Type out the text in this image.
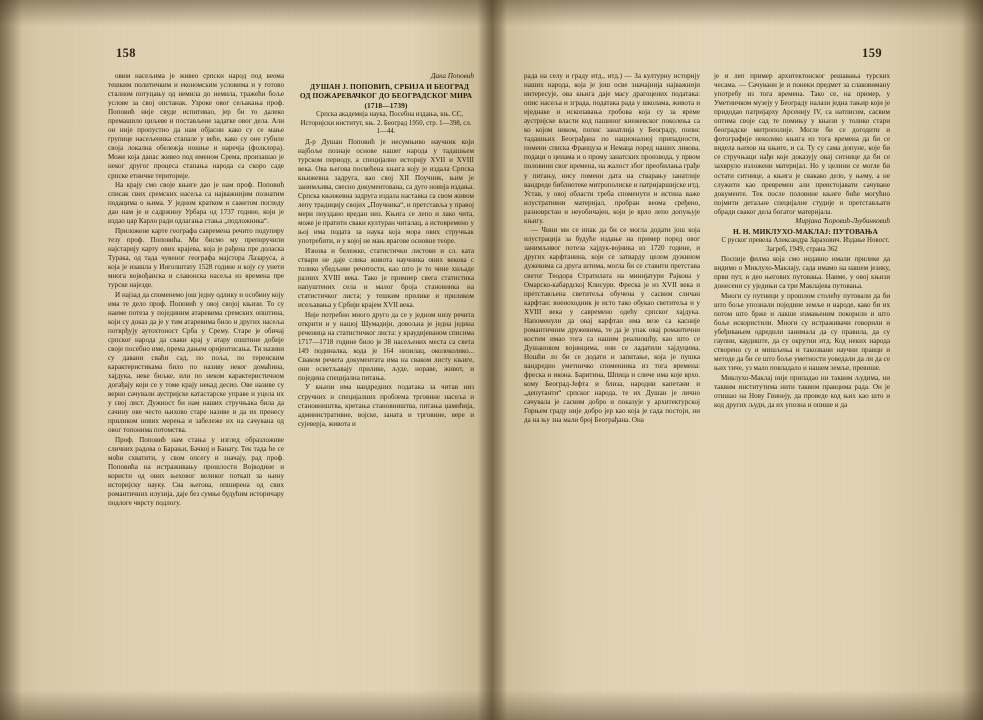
158

овим насељима је живео српски народ под веома тешким политичким и економским условима и у готово сталном потуцању од немила до немила, тражећи боље услове за свој опстанак. Узроке овог сељакања проф. Поповић није свуде испитивао, јер би то далеко премашило циљеве и постављене задатке овог дела. Али он није пропустио да нам објасни како су се мање групице насељеника стапале у веће, како су оне губиле своја локална обележја ношње и наречја (фолклора). Може која данас живео под именом Срема, произашао је неког другог процеса стапања народа са скоро саде српске етничке територије.

На крају смо своје књиге дао је нам проф. Поповић списак свих сремских насеља са најважнијим познатим подацима о њима. У једном кратком и сажетом погледу дао нам је и садржину Урбара од 1737 године, који је издао цар Карло ради одлагања стања „подложника“.

Приложене карте географа савремена речито подупиру тезу проф. Поповића. Ми бисмо му препоручили најстарију карту ових крајева, која је рађена пре доласка Турака, од тада чувеног географа мајстора Лазаруса, а која је изашла у Инголштату 1528 године и коју су унети многа војвођанска и славонска насеља из времена пре турске најезде.

И најзад да споменемо још једну одлику и особину коју има те дело проф. Поповић у овој својој књизи. То су наиме потеза у појединим атаревима сремских општина, који су доказ да је у тим атаревима било и других насеља потврђују аутохтоност Срба у Срему. Старе је обичај српског народа да сваки крај у атару општине добије своје посебно име, према дањем оријентисања. Ти називи су давани сваћи сад, по поља, по теренским карактеристикама било по називу неког домаћина, хајдука, неке биљке, или по неком карактеристичном догађају који се у томе крају некад десио. Ове називе су верно сачували аустријске катастарске управе и уцела их у свој лист. Дужност би нам наших стручњака била да сачину ове често њихово старе називе и да их пренесу приликом нових мерења и забележе их на сачувана од овог топонима потомства.

Проф. Поповић нам стања у изглед образложиве сличних радова о Барањи, Бачкој и Банату. Тек тада ће се моћи схватити, у свом опсегу и значају, рад проф. Поповића на истраживању прошлости Војводине и користи од ових њеховог великог поткаtt за њину историјску науку. Сва његова, опширена од свих романтичних илузија, даје без сумње будућим историчару подлоге чврсту подлогу.

Дака Поповић

ДУШАН Ј. ПОПОВИЋ, СРБИЈА И БЕОГРАД ОД ПОЖАРЕВАЧКОГ ДО БЕОГРАДСКОГ МИРА (1718—1739)

Српска академија наука, Посебна издања, књ. CC, Историјски институт, књ. 2. Београд 1950, стр. 1—398, сл. 1—44.

Д-р Душан Поповић је несумњиво научник који најбоље познаје основе нашег народа у тадашњем турском периоду, а специјално историју XVII и XVIII века. Ова његова посвећена књига коју је издала Српска књижевна задруга, као свој XII Поучник, њим је занимљива, свесно документована, са дуго новија издања. Српска књижевна задруга издала наставка са свом живом лепу традицију својих „Поучника“, и претставља у правој мери поуздано вредан низ. Књига се лепо и лако чита, може је пратити сваки културан читалац, а истовремено у њој има подата за наука која мора ових стручњак употребити, и у којој не мањ врагове основне теоре.

Изнова и бележке, статистички листови и сл. ката ствари не даје слика живота научника оних векова с толико убедљиве речитости, као што је то чине хиљаде разних XVIII века. Тако је примиер свега статистика напуштених села и малог броја становника на статистичког листа; у тешким прилике и приликом исељавања у Србији крајем XVII века.

Није потребно много друго да се у једном низу речита открити и у нашој Шумадији, довољна је једна једина реченица на статистичког листа: у краудијеваном списима 1717—1718 године било је 38 насељених места са света 149 подиналка, кода је 164 низилац, околеколико... Сваком речита документата има на сваком листу књиге, они осветљавају прилике, људе, нораве, живот, и поједина специјална питања.

У књизи има вандредних података за читав низ стручних и специјалних проблема трговине насеља и становништва, кретања становништва, питања џамићија, административне, војске, заната и трговине, вере и сујеверја, живота и

159

рада на селу и граду итд., итд.) — За културну историју наших народа, која је још осве значајнија најважнији интересује, ова књига даје масу драгоцених података: опис насеља и зграда, података рада у школама, живота и иједнаке и ископавања гробова која су за време аустријске власти код пашиног кнежевског поколења са ко којом ником, попис занатлија у Београду, попис тадашњих Београђана по националној припадности, помени списка Француза и Немаца поред наших ликова, подаци о ценама и о прому занатских производа, у првом половини свог времена, на жалост због преобилања грађе у питању, нису помени дата на стварању занатлије вандреде библиотеке митрополиске и патријаршијске итд. Устав, у овој области треба споменути и истина важе илустративни материјал, пробран веома сређено, разноврстан и неуобичајен, који је врло лепо допуњује књигу.

— Чини ми се ипак да би се могла додати још која илустрација за будуће издање на пример поред овог занимљивог потеза хајдук-војника из 1720 године, и других карфтанина, који се затварду целом дужином дужевима са друга штима, могла би се ставити претстава светог Теодора Стратилата на минијатури Рајкова у Омарско-кабардској Клисури. Фреска је из XVII века и претстављена светитеља обучена у сасвим сличан карфтан: военоходник је исто тако обукао светитеља и у XVIII века у савремено одећу српског хајдука. Напоменули да овај карфтан има везе са касније романтичним дружевима, те да је упак овај романтични костим имао тога са нашим реалношћу, као што се Душановом војницима, они се ладатили хајдуцима, Ношћи ло би се додати и запитање, која је пушка вандредно уметничко спомениика из тога времена: фреска и икона. Баритина, Шпица и сличе има које врхо. кому Београд-Јефта и близа, народни капетани и „депутанти“ српског народа, те их Душан је лично сачувала је сасвим добро и показује у архитектурској Горњем граду није добро јер као која је сада постоји, ни да на њу зна мали број Београђана. Она

је и леп пример архитектонског решавања турских чесама. — Сачувани је и понеки предмет за слаковиману употребу из тога времена. Тако се, на пример, у Уметничком музеју у Београду налази једна тањир који је придодао патријарху Арсенију IV, са натписом, сасвим оптима своје сад те помињу у књизи у толико стари београдске митрополије. Могле би се догодити и фотографије неколико књига из тога времена да би се видела њихов на књиге, и са. Ту су сама допуне, које би се стручњаци нађи које доказују овај ситнице да би се захвруло изложени материјал. Но у целини се могле би остати ситнице, а књига је свакако дело, у њему, а не служити као превремен али преистојавати сачуване документе. Тек после половине књиге биће могућно појмити детаљне специјалне студије и претстављати обради сваког дела богатог материјала.

Мирјана Ћоровић-Љубинковић

Н. Н. МИКЛУХО-МАКЛАЈ: ПУТОВАЊА

С руског превела Александра Зарахович. Издање Новост. Загреб, 1949, страна 362

Поспије филма која смо недавно имали прилике да видимо о Миклухо-Маклају, сада имамо на нашем језику, први пут, и део његових путовања. Наиме, у овој књизи донесени су уједињи са три Маклајева путовања.

Многи су путници у прошлом столећу путовали да би што боље упознали поједине земље и народе, како би их потом што брже и лакше измањеним покорили и што боље искористили. Многи су истраживачи говорили и убеђивањем одредили занимала да су правила, да су гаупни, каудиште, да су окрутни итд. Код неких народа створено су и мишљења и такозвани научни правци и методе да би се што боље уметности уоведали да ли да се њих тиче, уз мало повладало и нашем земље, превише.

Миклухо-Маклај није припадао ни таквим људима, ни таквим институтима нити таквим правцима рада. Он је отишао на Нову Гвинеју, да проведе код њих као што и код других људи, да их упозна и опише и да
